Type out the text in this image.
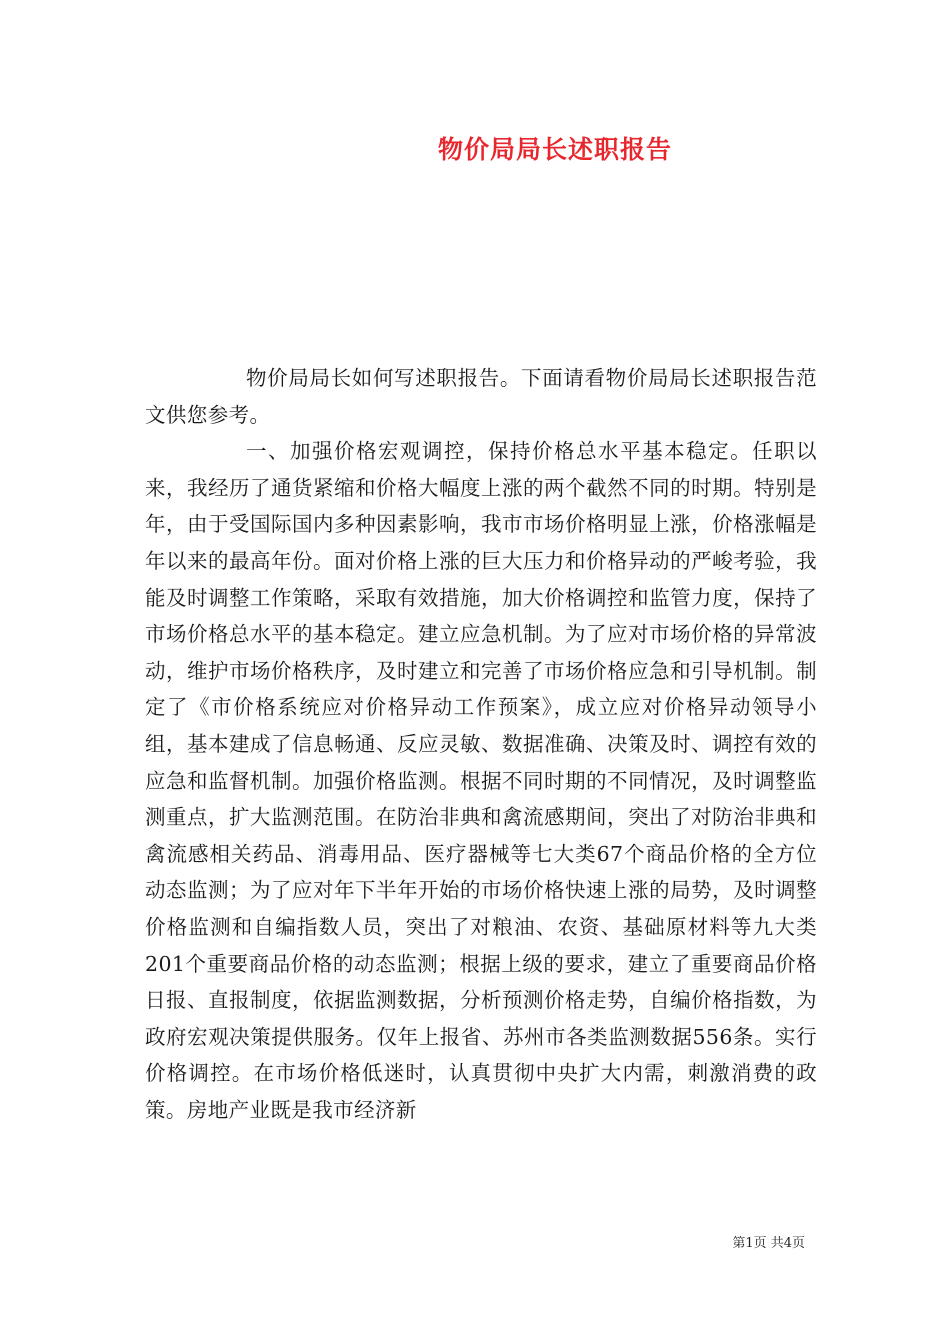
物价局局长述职报告

物价局局长如何写述职报告。下面请看物价局局长述职报告范文供您参考。

一、加强价格宏观调控，保持价格总水平基本稳定。任职以来，我经历了通货紧缩和价格大幅度上涨的两个截然不同的时期。特别是年，由于受国际国内多种因素影响，我市市场价格明显上涨，价格涨幅是年以来的最高年份。面对价格上涨的巨大压力和价格异动的严峻考验，我能及时调整工作策略，采取有效措施，加大价格调控和监管力度，保持了市场价格总水平的基本稳定。建立应急机制。为了应对市场价格的异常波动，维护市场价格秩序，及时建立和完善了市场价格应急和引导机制。制定了《市价格系统应对价格异动工作预案》，成立应对价格异动领导小组，基本建成了信息畅通、反应灵敏、数据准确、决策及时、调控有效的应急和监督机制。加强价格监测。根据不同时期的不同情况，及时调整监测重点，扩大监测范围。在防治非典和禽流感期间，突出了对防治非典和禽流感相关药品、消毒用品、医疗器械等七大类67个商品价格的全方位动态监测；为了应对年下半年开始的市场价格快速上涨的局势，及时调整价格监测和自编指数人员，突出了对粮油、农资、基础原材料等九大类201个重要商品价格的动态监测；根据上级的要求，建立了重要商品价格日报、直报制度，依据监测数据，分析预测价格走势，自编价格指数，为政府宏观决策提供服务。仅年上报省、苏州市各类监测数据556条。实行价格调控。在市场价格低迷时，认真贯彻中央扩大内需，刺激消费的政策。房地产业既是我市经济新

第1页 共4页
